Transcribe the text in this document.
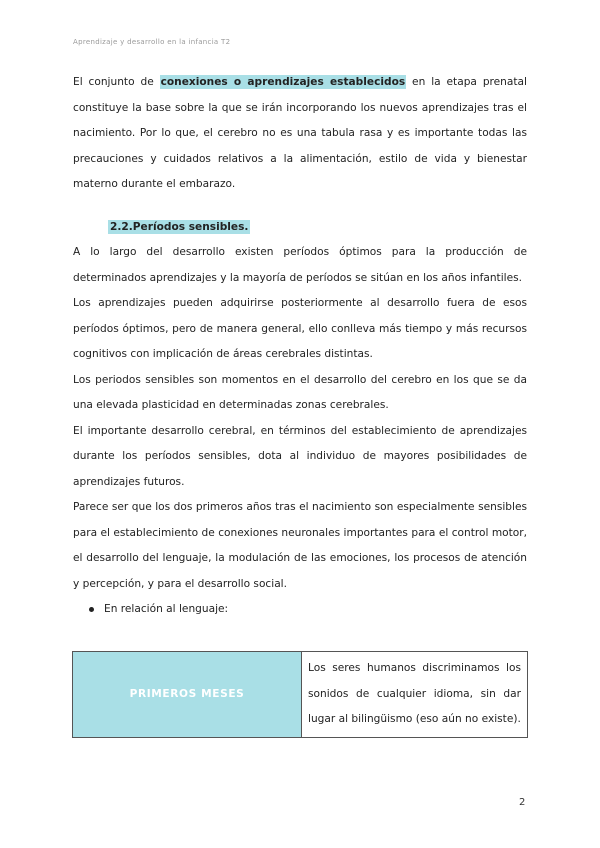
Aprendizaje y desarrollo en la infancia T2

El conjunto de conexiones o aprendizajes establecidos en la etapa prenatal constituye la base sobre la que se irán incorporando los nuevos aprendizajes tras el nacimiento. Por lo que, el cerebro no es una tabula rasa y es importante todas las precauciones y cuidados relativos a la alimentación, estilo de vida y bienestar materno durante el embarazo.

2.2.Períodos sensibles.

A lo largo del desarrollo existen períodos óptimos para la producción de determinados aprendizajes y la mayoría de períodos se sitúan en los años infantiles.

Los aprendizajes pueden adquirirse posteriormente al desarrollo fuera de esos períodos óptimos, pero de manera general, ello conlleva más tiempo y más recursos cognitivos con implicación de áreas cerebrales distintas.

Los periodos sensibles son momentos en el desarrollo del cerebro en los que se da una elevada plasticidad en determinadas zonas cerebrales.

El importante desarrollo cerebral, en términos del establecimiento de aprendizajes durante los períodos sensibles, dota al individuo de mayores posibilidades de aprendizajes futuros.

Parece ser que los dos primeros años tras el nacimiento son especialmente sensibles para el establecimiento de conexiones neuronales importantes para el control motor, el desarrollo del lenguaje, la modulación de las emociones, los procesos de atención y percepción, y para el desarrollo social.

En relación al lenguaje:
PRIMEROS MESES	Los seres humanos discriminamos los sonidos de cualquier idioma, sin dar lugar al bilingüismo (eso aún no existe).
2
